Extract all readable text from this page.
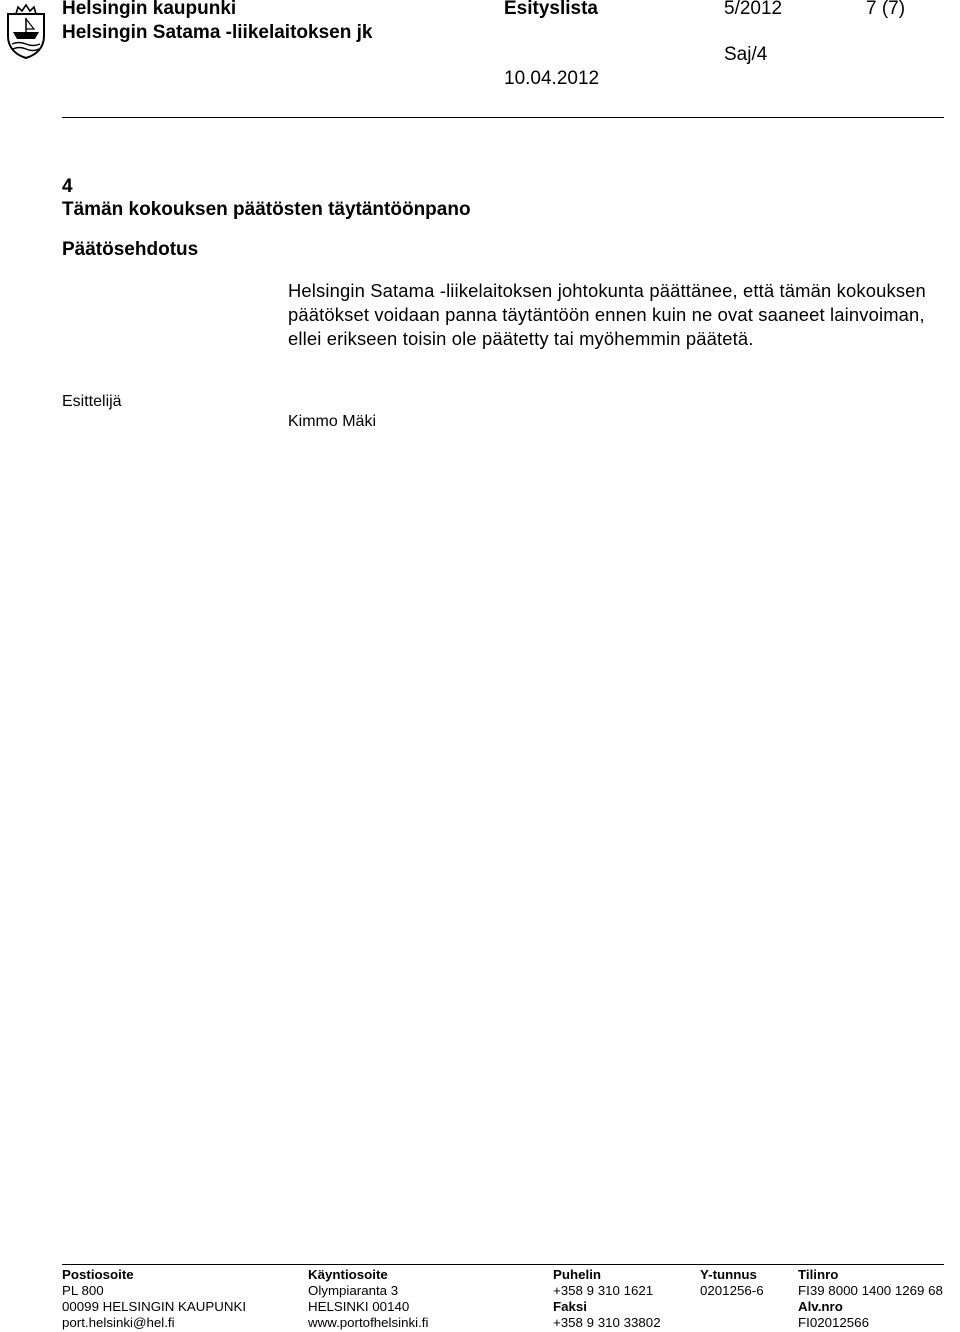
Helsingin kaupunki
Helsingin Satama -liikelaitoksen jk
Esityslista	5/2012	7 (7)
Saj/4
10.04.2012
4
Tämän kokouksen päätösten täytäntöönpano
Päätösehdotus
Helsingin Satama -liikelaitoksen johtokunta päättänee, että tämän kokouksen päätökset voidaan panna täytäntöön ennen kuin ne ovat saaneet lainvoiman, ellei erikseen toisin ole päätetty tai myöhemmin päätetä.
Esittelijä
Kimmo Mäki
Postiosoite
PL 800
00099 HELSINGIN KAUPUNKI
port.helsinki@hel.fi
Käyntiosoite
Olympiaranta 3
HELSINKI 00140
www.portofhelsinki.fi
Puhelin
+358 9 310 1621
Faksi
+358 9 310 33802
Y-tunnus
0201256-6
Tilinro
FI39 8000 1400 1269 68
Alv.nro
FI02012566
